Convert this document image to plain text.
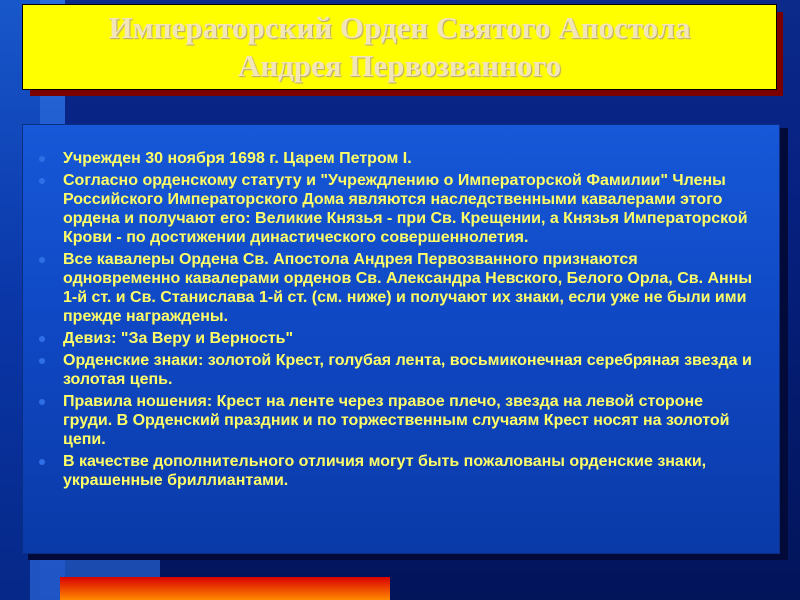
Императорский Орден Святого Апостола
Андрея Первозванного
Учрежден 30 ноября 1698 г. Царем Петром I.
Согласно орденскому статуту и "Учреждлению о Императорской Фамилии" Члены Российского Императорского Дома являются наследственными кавалерами этого ордена и получают его: Великие Князья - при Св. Крещении, а Князья Императорской Крови - по достижении династического совершеннолетия.
Все кавалеры Ордена Св. Апостола Андрея Первозванного признаются одновременно кавалерами орденов Св. Александра Невского, Белого Орла, Св. Анны 1-й ст. и Св. Станислава 1-й ст. (см. ниже) и получают их знаки, если уже не были ими прежде награждены.
Девиз: "За Веру и Верность"
Орденские знаки: золотой Крест, голубая лента, восьмиконечная серебряная звезда и золотая цепь.
Правила ношения: Крест на ленте через правое плечо, звезда на левой стороне груди. В Орденский праздник и по торжественным случаям Крест носят на золотой цепи.
В качестве дополнительного отличия могут быть пожалованы орденские знаки, украшенные бриллиантами.
